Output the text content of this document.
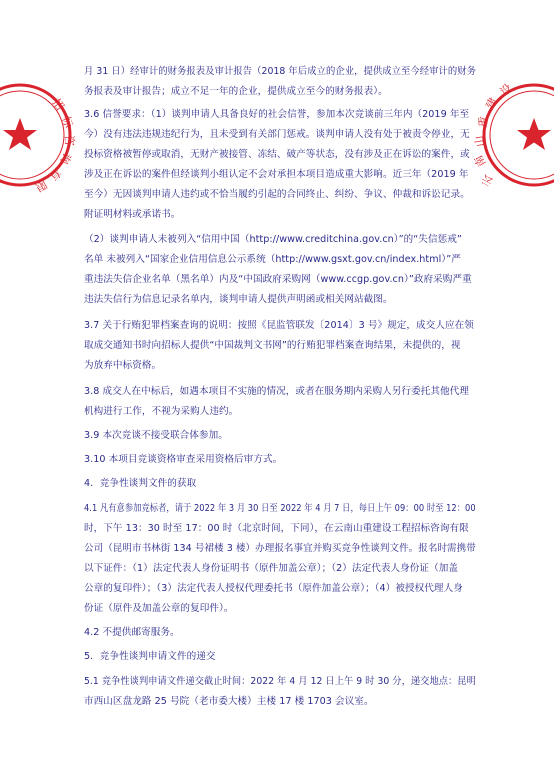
招
标
咨
询
有
限	云
南
山
重
建
设
月 31 日）经审计的财务报表及审计报告（2018 年后成立的企业，提供成立至今经审计的财务
务报表及审计报告；成立不足一年的企业，提供成立至今的财务报表）。
3.6 信誉要求：（1）谈判申请人具备良好的社会信誉，参加本次竞谈前三年内（2019 年至
今）没有违法违规违纪行为，且未受到有关部门惩戒。谈判申请人没有处于被责令停业，无
投标资格被暂停或取消，无财产被接管、冻结、破产等状态，没有涉及正在诉讼的案件，或
涉及正在诉讼的案件但经谈判小组认定不会对承担本项目造成重大影响。近三年（2019 年
至今）无因谈判申请人违约或不恰当履约引起的合同终止、纠纷、争议、仲裁和诉讼记录。
附证明材料或承诺书。
（2）谈判申请人未被列入“信用中国（http://www.creditchina.gov.cn）”的“失信惩戒”
名单 未被列入“国家企业信用信息公示系统（http://www.gsxt.gov.cn/index.html）”严
重违法失信企业名单（黑名单）内及“中国政府采购网（www.ccgp.gov.cn）”政府采购严重
违法失信行为信息记录名单内，谈判申请人提供声明函或相关网站截图。
3.7 关于行贿犯罪档案查询的说明：按照《昆监管联发〔2014〕3 号》规定，成交人应在领
取成交通知书时向招标人提供“中国裁判文书网”的行贿犯罪档案查询结果，未提供的，视
为放弃中标资格。
3.8 成交人在中标后，如遇本项目不实施的情况，或者在服务期内采购人另行委托其他代理
机构进行工作，不视为采购人违约。
3.9 本次竞谈不接受联合体参加。
3.10 本项目竞谈资格审查采用资格后审方式。
4．竞争性谈判文件的获取
4.1 凡有意参加竞标者，请于 2022 年 3 月 30 日至 2022 年 4 月 7 日，每日上午 09：00 时至 12：00
时，下午 13：30 时至 17：00 时（北京时间，下同），在云南山重建设工程招标咨询有限
公司（昆明市书林街 134 号裙楼 3 楼）办理报名事宜并购买竞争性谈判文件。报名时需携带
以下证件：（1）法定代表人身份证明书（原件加盖公章）；（2）法定代表人身份证（加盖
公章的复印件）；（3）法定代表人授权代理委托书（原件加盖公章）；（4）被授权代理人身
份证（原件及加盖公章的复印件）。
4.2 不提供邮寄服务。
5．竞争性谈判申请文件的递交
5.1 竞争性谈判申请文件递交截止时间：2022 年 4 月 12 日上午 9 时 30 分，递交地点：昆明
市西山区盘龙路 25 号院（老市委大楼）主楼 17 楼 1703 会议室。
